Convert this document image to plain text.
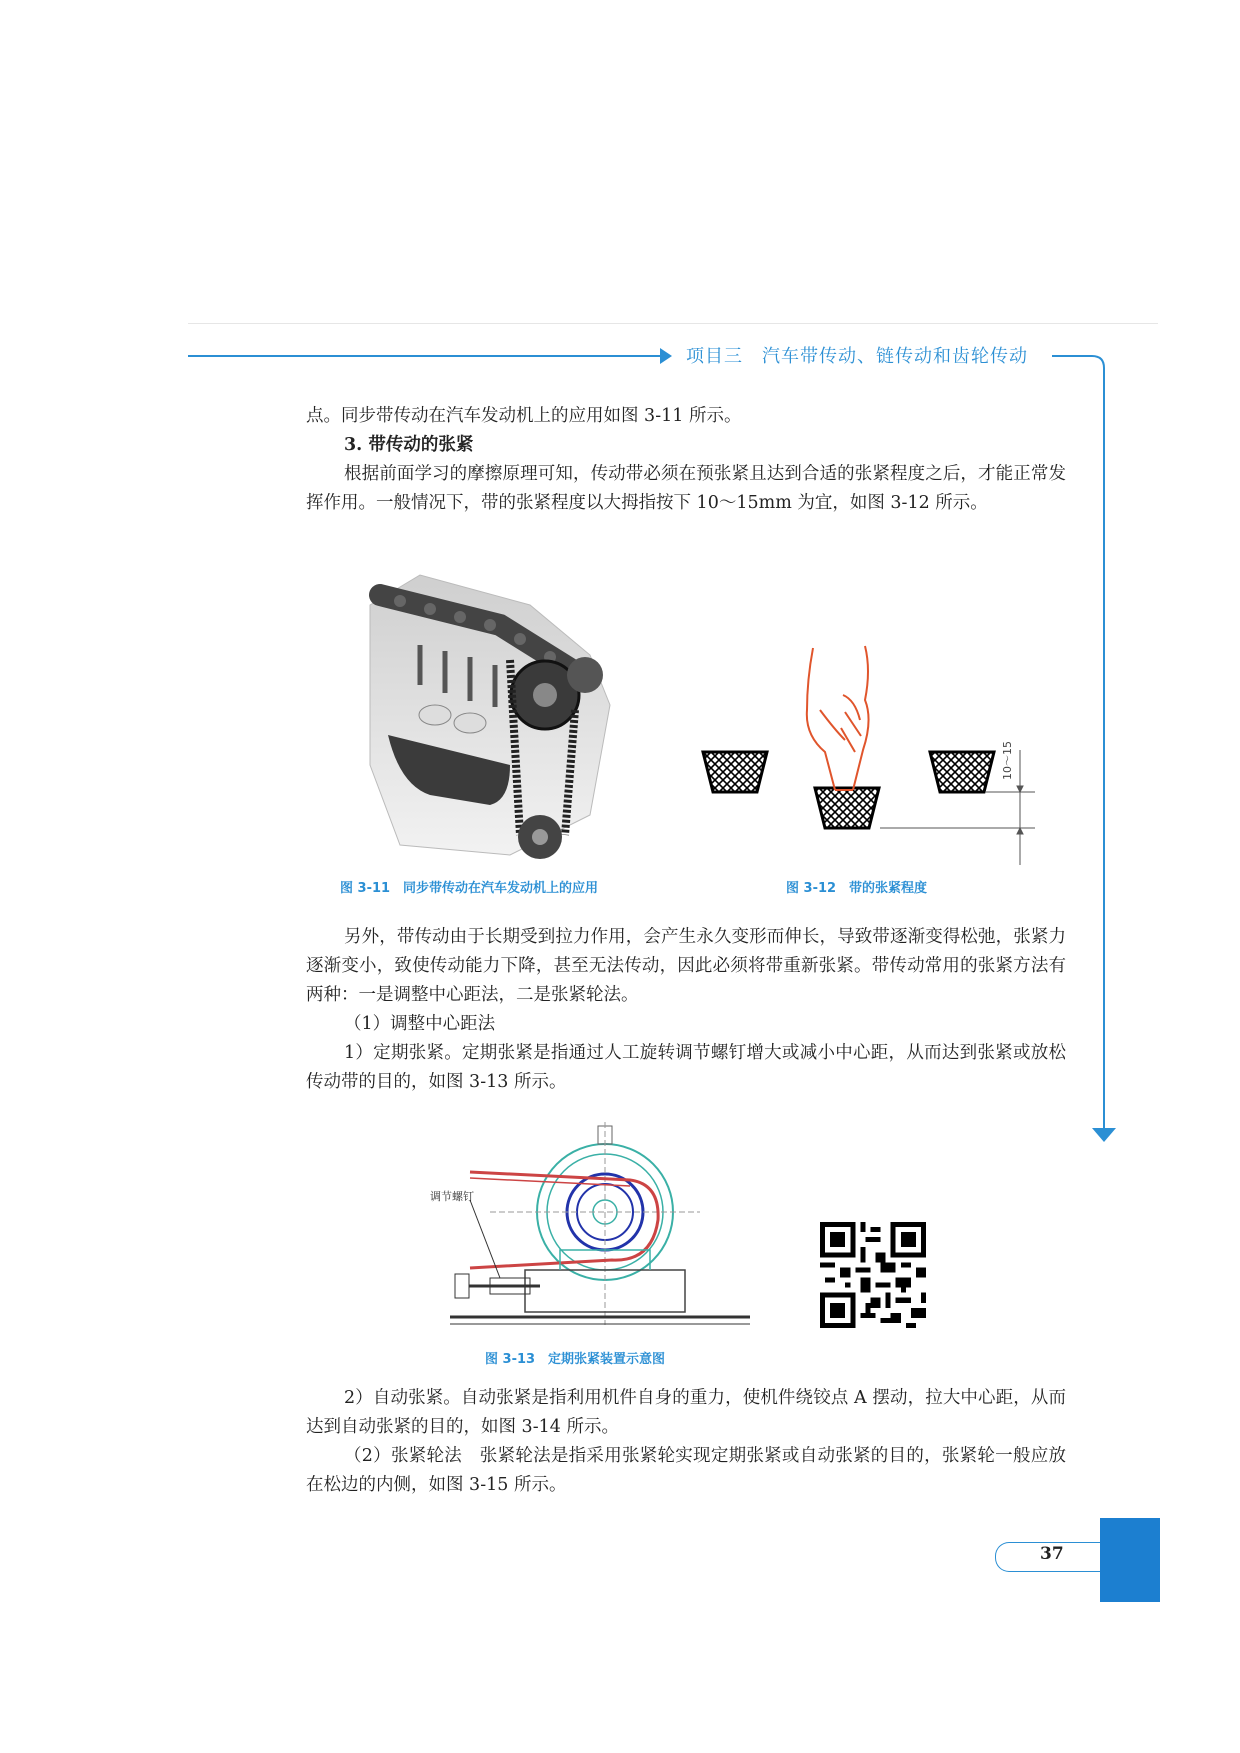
项目三　汽车带传动、链传动和齿轮传动

点。同步带传动在汽车发动机上的应用如图 3-11 所示。

3. 带传动的张紧

根据前面学习的摩擦原理可知，传动带必须在预张紧且达到合适的张紧程度之后，才能正常发挥作用。一般情况下，带的张紧程度以大拇指按下 10～15mm 为宜，如图 3-12 所示。

图 3-11　同步带传动在汽车发动机上的应用
10～15
图 3-12　带的张紧程度

另外，带传动由于长期受到拉力作用，会产生永久变形而伸长，导致带逐渐变得松弛，张紧力逐渐变小，致使传动能力下降，甚至无法传动，因此必须将带重新张紧。带传动常用的张紧方法有两种：一是调整中心距法，二是张紧轮法。

（1）调整中心距法

1）定期张紧。定期张紧是指通过人工旋转调节螺钉增大或减小中心距，从而达到张紧或放松传动带的目的，如图 3-13 所示。

调节螺钉
图 3-13　定期张紧装置示意图

2）自动张紧。自动张紧是指利用机件自身的重力，使机件绕铰点 A 摆动，拉大中心距，从而达到自动张紧的目的，如图 3-14 所示。

（2）张紧轮法　张紧轮法是指采用张紧轮实现定期张紧或自动张紧的目的，张紧轮一般应放在松边的内侧，如图 3-15 所示。

37
